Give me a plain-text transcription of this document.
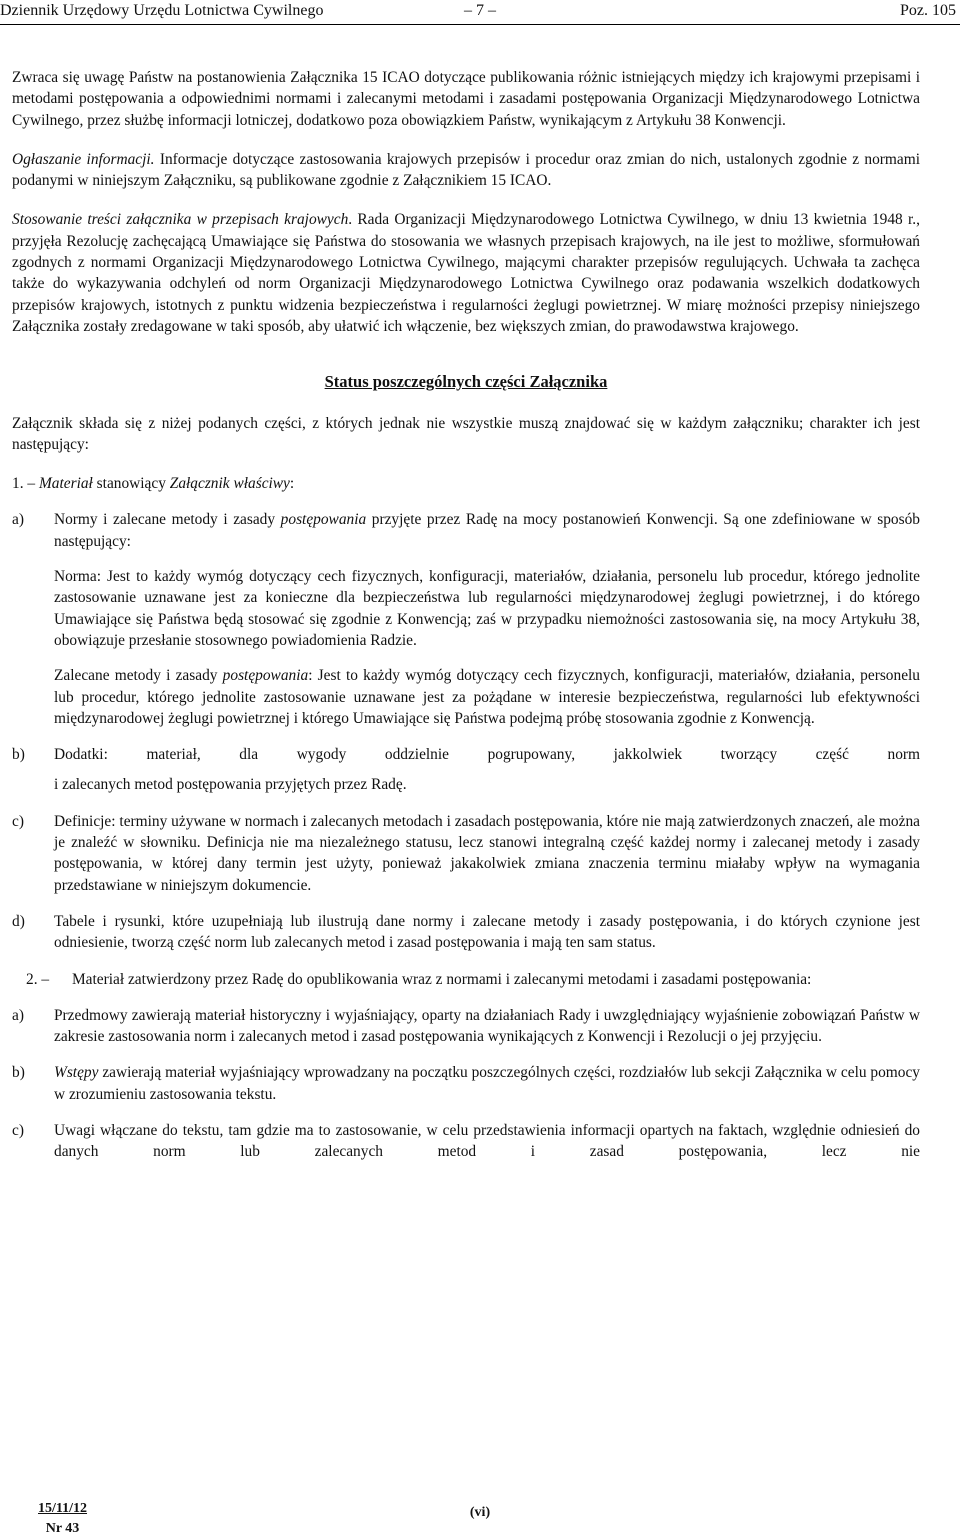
Dziennik Urzędowy Urzędu Lotnictwa Cywilnego	– 7 –	Poz. 105

Zwraca się uwagę Państw na postanowienia Załącznika 15 ICAO dotyczące publikowania różnic istniejących między ich krajowymi przepisami i metodami postępowania a odpowiednimi normami i zalecanymi metodami i zasadami postępowania Organizacji Międzynarodowego Lotnictwa Cywilnego, przez służbę informacji lotniczej, dodatkowo poza obowiązkiem Państw, wynikającym z Artykułu 38 Konwencji.

Ogłaszanie informacji. Informacje dotyczące zastosowania krajowych przepisów i procedur oraz zmian do nich, ustalonych zgodnie z normami podanymi w niniejszym Załączniku, są publikowane zgodnie z Załącznikiem 15 ICAO.

Stosowanie treści załącznika w przepisach krajowych. Rada Organizacji Międzynarodowego Lotnictwa Cywilnego, w dniu 13 kwietnia 1948 r., przyjęła Rezolucję zachęcającą Umawiające się Państwa do stosowania we własnych przepisach krajowych, na ile jest to możliwe, sformułowań zgodnych z normami Organizacji Międzynarodowego Lotnictwa Cywilnego, mającymi charakter przepisów regulujących. Uchwała ta zachęca także do wykazywania odchyleń od norm Organizacji Międzynarodowego Lotnictwa Cywilnego oraz podawania wszelkich dodatkowych przepisów krajowych, istotnych z punktu widzenia bezpieczeństwa i regularności żeglugi powietrznej. W miarę możności przepisy niniejszego Załącznika zostały zredagowane w taki sposób, aby ułatwić ich włączenie, bez większych zmian, do prawodawstwa krajowego.

Status poszczególnych części Załącznika

Załącznik składa się z niżej podanych części, z których jednak nie wszystkie muszą znajdować się w każdym załączniku; charakter ich jest następujący:

1. – Materiał stanowiący Załącznik właściwy:

a) Normy i zalecane metody i zasady postępowania przyjęte przez Radę na mocy postanowień Konwencji. Są one zdefiniowane w sposób następujący:

Norma: Jest to każdy wymóg dotyczący cech fizycznych, konfiguracji, materiałów, działania, personelu lub procedur, którego jednolite zastosowanie uznawane jest za konieczne dla bezpieczeństwa lub regularności międzynarodowej żeglugi powietrznej, i do którego Umawiające się Państwa będą stosować się zgodnie z Konwencją; zaś w przypadku niemożności zastosowania się, na mocy Artykułu 38, obowiązuje przesłanie stosownego powiadomienia Radzie.

Zalecane metody i zasady postępowania: Jest to każdy wymóg dotyczący cech fizycznych, konfiguracji, materiałów, działania, personelu lub procedur, którego jednolite zastosowanie uznawane jest za pożądane w interesie bezpieczeństwa, regularności lub efektywności międzynarodowej żeglugi powietrznej i którego Umawiające się Państwa podejmą próbę stosowania zgodnie z Konwencją.

b) Dodatki: materiał, dla wygody oddzielnie pogrupowany, jakkolwiek tworzący część norm

i zalecanych metod postępowania przyjętych przez Radę.

c) Definicje: terminy używane w normach i zalecanych metodach i zasadach postępowania, które nie mają zatwierdzonych znaczeń, ale można je znaleźć w słowniku. Definicja nie ma niezależnego statusu, lecz stanowi integralną część każdej normy i zalecanej metody i zasady postępowania, w której dany termin jest użyty, ponieważ jakakolwiek zmiana znaczenia terminu miałaby wpływ na wymagania przedstawiane w niniejszym dokumencie.

d) Tabele i rysunki, które uzupełniają lub ilustrują dane normy i zalecane metody i zasady postępowania, i do których czynione jest odniesienie, tworzą część norm lub zalecanych metod i zasad postępowania i mają ten sam status.

2. –	Materiał zatwierdzony przez Radę do opublikowania wraz z normami i zalecanymi metodami i zasadami postępowania:

a) Przedmowy zawierają materiał historyczny i wyjaśniający, oparty na działaniach Rady i uwzględniający wyjaśnienie zobowiązań Państw w zakresie zastosowania norm i zalecanych metod i zasad postępowania wynikających z Konwencji i Rezolucji o jej przyjęciu.

b) Wstępy zawierają materiał wyjaśniający wprowadzany na początku poszczególnych części, rozdziałów lub sekcji Załącznika w celu pomocy w zrozumieniu zastosowania tekstu.

c) Uwagi włączane do tekstu, tam gdzie ma to zastosowanie, w celu przedstawienia informacji opartych na faktach, względnie odniesień do danych norm lub zalecanych metod i zasad postępowania, lecz nie

15/11/12
Nr 43
(vi)
